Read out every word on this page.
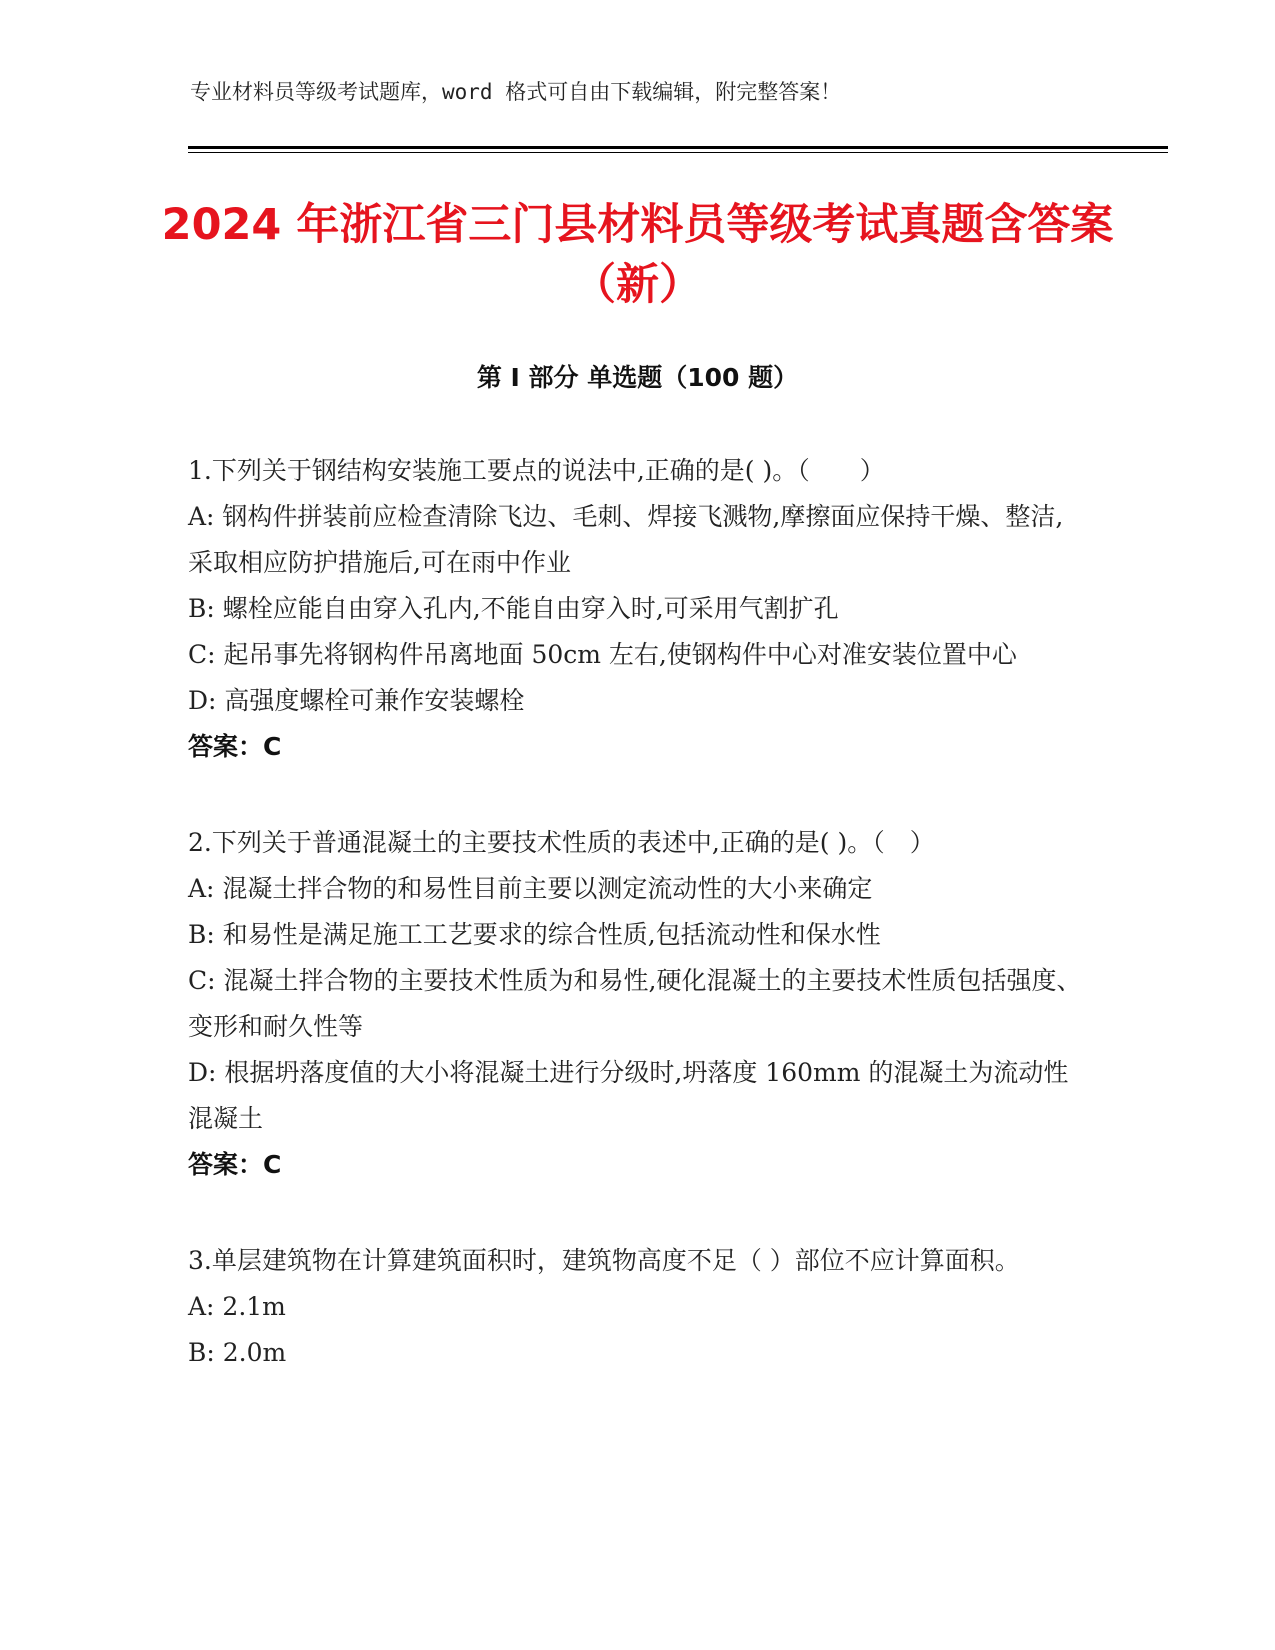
专业材料员等级考试题库，word 格式可自由下载编辑，附完整答案！
2024 年浙江省三门县材料员等级考试真题含答案（新）
第 I 部分 单选题（100 题）
1.下列关于钢结构安装施工要点的说法中,正确的是( )。（　　）
A: 钢构件拼装前应检查清除飞边、毛刺、焊接飞溅物,摩擦面应保持干燥、整洁,采取相应防护措施后,可在雨中作业
B: 螺栓应能自由穿入孔内,不能自由穿入时,可采用气割扩孔
C: 起吊事先将钢构件吊离地面 50cm 左右,使钢构件中心对准安装位置中心
D: 高强度螺栓可兼作安装螺栓
答案：C
2.下列关于普通混凝土的主要技术性质的表述中,正确的是( )。（　）
A: 混凝土拌合物的和易性目前主要以测定流动性的大小来确定
B: 和易性是满足施工工艺要求的综合性质,包括流动性和保水性
C: 混凝土拌合物的主要技术性质为和易性,硬化混凝土的主要技术性质包括强度、变形和耐久性等
D: 根据坍落度值的大小将混凝土进行分级时,坍落度 160mm 的混凝土为流动性混凝土
答案：C
3.单层建筑物在计算建筑面积时，建筑物高度不足（ ）部位不应计算面积。
A: 2.1m
B: 2.0m
